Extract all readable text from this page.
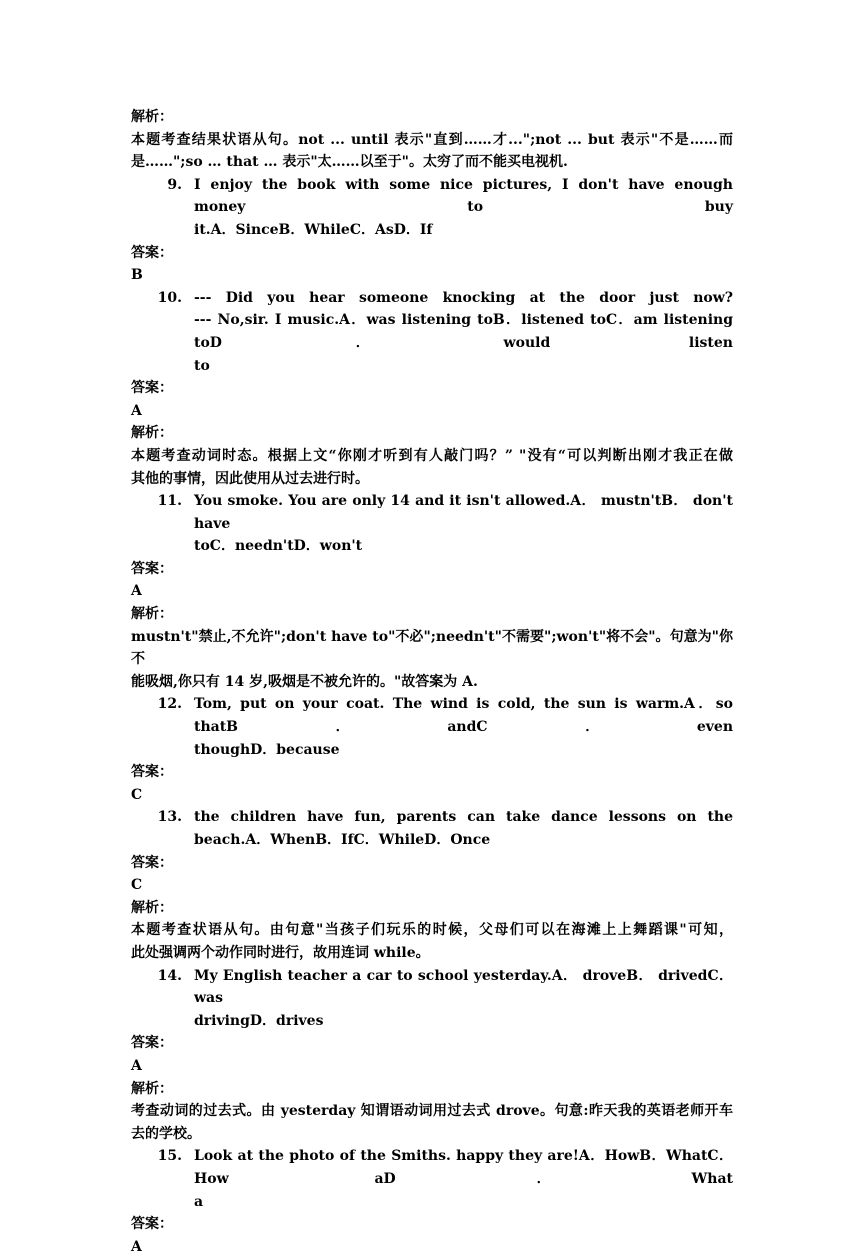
解析：
本题考查结果状语从句。not ... until 表示"直到……才...";not ... but 表示"不是……而
是……";so … that … 表示"太……以至于"。太穷了而不能买电视机.
9. I enjoy the book with some nice pictures, I don't have enough money to buy
it.A．SinceB．WhileC．AsD．If
答案：
B
10. --- Did you hear someone knocking at the door just now?
--- No,sir. I music.A．was listening toB．listened toC．am listening toD．would listen
to
答案：
A
解析：
本题考查动词时态。根据上文“你刚才听到有人敲门吗？” "没有“可以判断出刚才我正在做
其他的事情，因此使用从过去进行时。
11. You smoke. You are only 14 and it isn't allowed.A． mustn'tB． don't have
toC．needn'tD．won't
答案：
A
解析：
mustn't"禁止,不允许";don't have to"不必";needn't"不需要";won't"将不会"。句意为"你不
能吸烟,你只有 14 岁,吸烟是不被允许的。"故答案为 A.
12. Tom, put on your coat. The wind is cold, the sun is warm.A．so thatB．andC．even
thoughD．because
答案：
C
13. the children have fun, parents can take dance lessons on the
beach.A．WhenB．IfC．WhileD．Once
答案：
C
解析：
本题考查状语从句。由句意"当孩子们玩乐的时候，父母们可以在海滩上上舞蹈课"可知，
此处强调两个动作同时进行，故用连词 while。
14. My English teacher a car to school yesterday.A． droveB． drivedC． was
drivingD．drives
答案：
A
解析：
考查动词的过去式。由 yesterday 知谓语动词用过去式 drove。句意:昨天我的英语老师开车
去的学校。
15. Look at the photo of the Smiths. happy they are!A．HowB．WhatC．How aD．What
a
答案：
A
